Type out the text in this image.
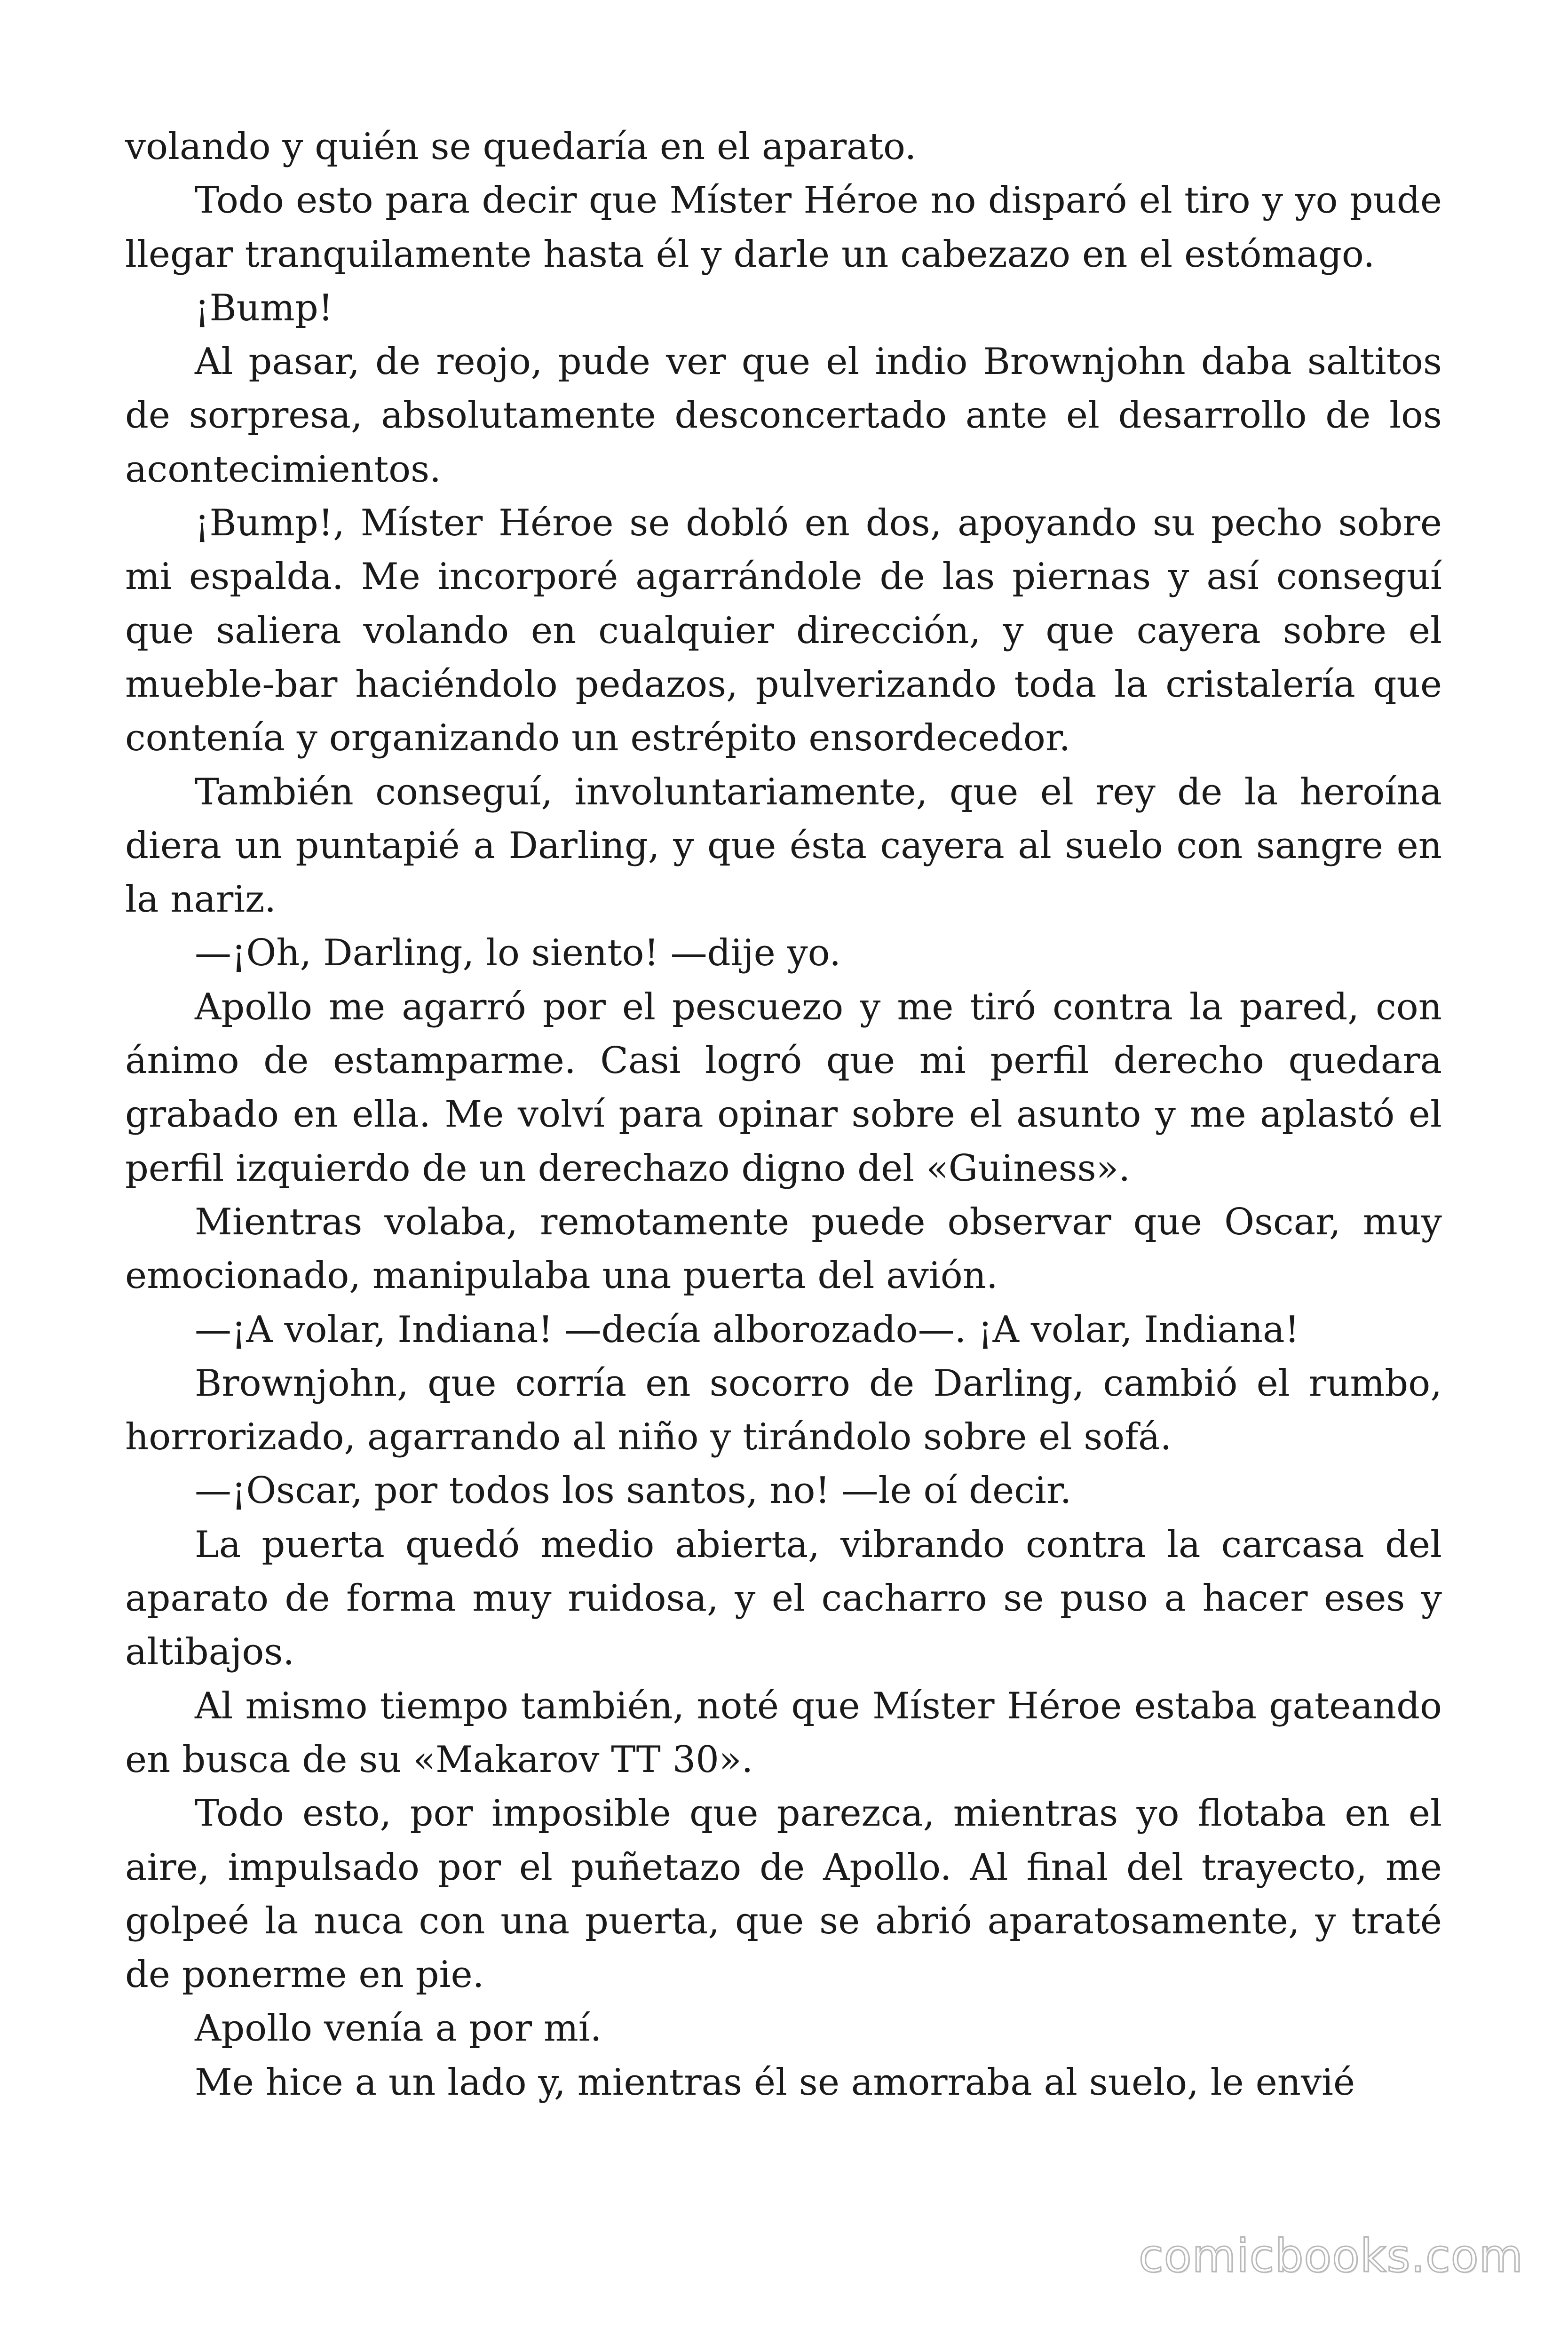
volando y quién se quedaría en el aparato.

Todo esto para decir que Míster Héroe no disparó el tiro y yo pude llegar tranquilamente hasta él y darle un cabezazo en el estómago.

¡Bump!

Al pasar, de reojo, pude ver que el indio Brownjohn daba saltitos de sorpresa, absolutamente desconcertado ante el desarrollo de los acontecimientos.

¡Bump!, Míster Héroe se dobló en dos, apoyando su pecho sobre mi espalda. Me incorporé agarrándole de las piernas y así conseguí que saliera volando en cualquier dirección, y que cayera sobre el mueble-bar haciéndolo pedazos, pulverizando toda la cristalería que contenía y organizando un estrépito ensordecedor.

También conseguí, involuntariamente, que el rey de la heroína diera un puntapié a Darling, y que ésta cayera al suelo con sangre en la nariz.

—¡Oh, Darling, lo siento! —dije yo.

Apollo me agarró por el pescuezo y me tiró contra la pared, con ánimo de estamparme. Casi logró que mi perfil derecho quedara grabado en ella. Me volví para opinar sobre el asunto y me aplastó el perfil izquierdo de un derechazo digno del «Guiness».

Mientras volaba, remotamente puede observar que Oscar, muy emocionado, manipulaba una puerta del avión.

—¡A volar, Indiana! —decía alborozado—. ¡A volar, Indiana!

Brownjohn, que corría en socorro de Darling, cambió el rumbo, horrorizado, agarrando al niño y tirándolo sobre el sofá.

—¡Oscar, por todos los santos, no! —le oí decir.

La puerta quedó medio abierta, vibrando contra la carcasa del aparato de forma muy ruidosa, y el cacharro se puso a hacer eses y altibajos.

Al mismo tiempo también, noté que Míster Héroe estaba gateando en busca de su «Makarov TT 30».

Todo esto, por imposible que parezca, mientras yo flotaba en el aire, impulsado por el puñetazo de Apollo. Al final del trayecto, me golpeé la nuca con una puerta, que se abrió aparatosamente, y traté de ponerme en pie.

Apollo venía a por mí.

Me hice a un lado y, mientras él se amorraba al suelo, le envié

comicbooks.com
